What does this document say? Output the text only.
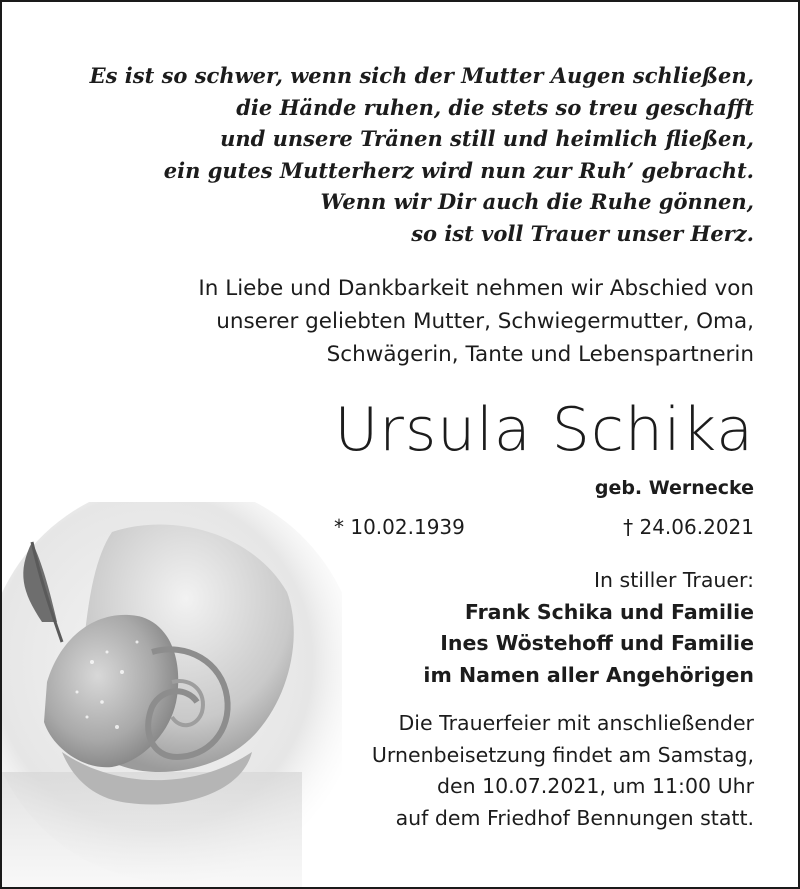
Es ist so schwer, wenn sich der Mutter Augen schließen,
die Hände ruhen, die stets so treu geschafft
und unsere Tränen still und heimlich fließen,
ein gutes Mutterherz wird nun zur Ruh’ gebracht.
Wenn wir Dir auch die Ruhe gönnen,
so ist voll Trauer unser Herz.
In Liebe und Dankbarkeit nehmen wir Abschied von
unserer geliebten Mutter, Schwiegermutter, Oma,
Schwägerin, Tante und Lebenspartnerin
Ursula Schika
geb. Wernecke
* 10.02.1939	† 24.06.2021
In stiller Trauer:
Frank Schika und Familie
Ines Wöstehoff und Familie
im Namen aller Angehörigen
Die Trauerfeier mit anschließender
Urnenbeisetzung findet am Samstag,
den 10.07.2021, um 11:00 Uhr
auf dem Friedhof Bennungen statt.
